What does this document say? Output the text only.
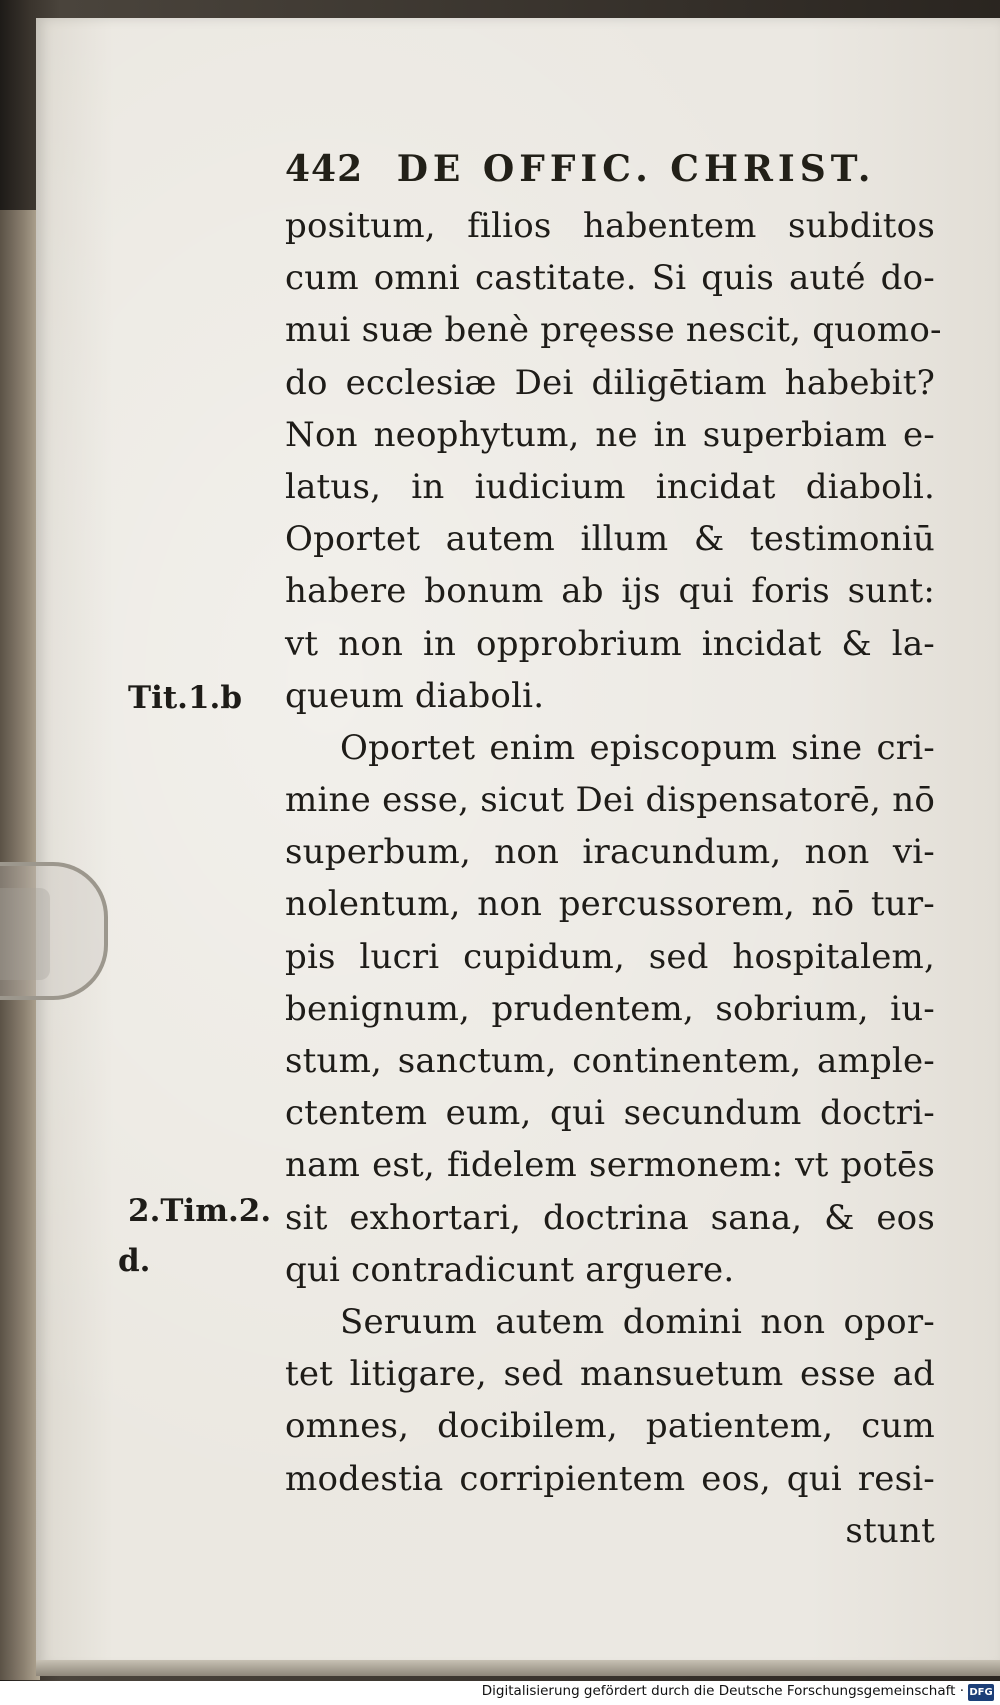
442 DE OFFIC. CHRIST.
positum, filios habentem subditos
cum omni castitate. Si quis auté do-
mui suæ benè pręesse nescit, quomo-
do ecclesiæ Dei diligētiam habebit?
Non neophytum, ne in superbiam e-
latus, in iudicium incidat diaboli.
Oportet autem illum & testimoniū
habere bonum ab ijs qui foris sunt:
vt non in opprobrium incidat & la-
queum diaboli.
Oportet enim episcopum sine cri-
mine esse, sicut Dei dispensatorē, nō
superbum, non iracundum, non vi-
nolentum, non percussorem, nō tur-
pis lucri cupidum, sed hospitalem,
benignum, prudentem, sobrium, iu-
stum, sanctum, continentem, ample-
ctentem eum, qui secundum doctri-
nam est, fidelem sermonem: vt potēs
sit exhortari, doctrina sana, & eos
qui contradicunt arguere.
Seruum autem domini non opor-
tet litigare, sed mansuetum esse ad
omnes, docibilem, patientem, cum
modestia corripientem eos, qui resi-
stunt
Tit.1.b
2.Tim.2.
d.
Digitalisierung gefördert durch die Deutsche Forschungsgemeinschaft · DFG
